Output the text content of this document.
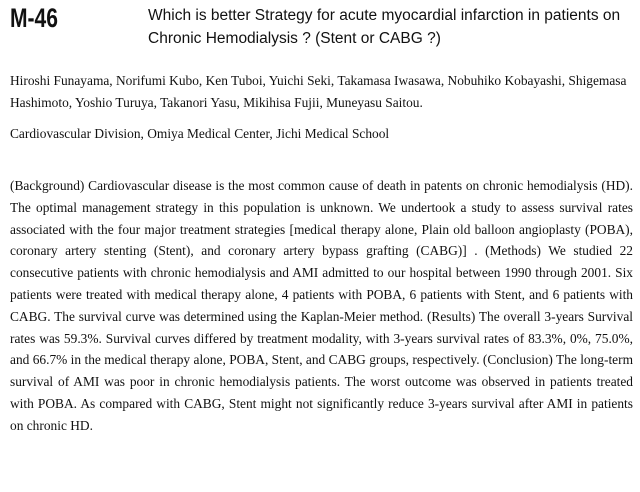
M-46	Which is better Strategy for acute myocardial infarction in patients on Chronic Hemodialysis ? (Stent or CABG ?)
Hiroshi Funayama, Norifumi Kubo, Ken Tuboi, Yuichi Seki, Takamasa Iwasawa, Nobuhiko Kobayashi, Shigemasa Hashimoto, Yoshio Turuya, Takanori Yasu, Mikihisa Fujii, Muneyasu Saitou.
Cardiovascular Division, Omiya Medical Center, Jichi Medical School
(Background) Cardiovascular disease is the most common cause of death in patents on chronic hemodialysis (HD). The optimal management strategy in this population is unknown. We undertook a study to assess survival rates associated with the four major treatment strategies [medical therapy alone, Plain old balloon angioplasty (POBA), coronary artery stenting (Stent), and coronary artery bypass grafting (CABG)] . (Methods) We studied 22 consecutive patients with chronic hemodialysis and AMI admitted to our hospital between 1990 through 2001. Six patients were treated with medical therapy alone, 4 patients with POBA, 6 patients with Stent, and 6 patients with CABG. The survival curve was determined using the Kaplan-Meier method. (Results) The overall 3-years Survival rates was 59.3%. Survival curves differed by treatment modality, with 3-years survival rates of 83.3%, 0%, 75.0%, and 66.7% in the medical therapy alone, POBA, Stent, and CABG groups, respectively. (Conclusion) The long-term survival of AMI was poor in chronic hemodialysis patients. The worst outcome was observed in patients treated with POBA. As compared with CABG, Stent might not significantly reduce 3-years survival after AMI in patients on chronic HD.
